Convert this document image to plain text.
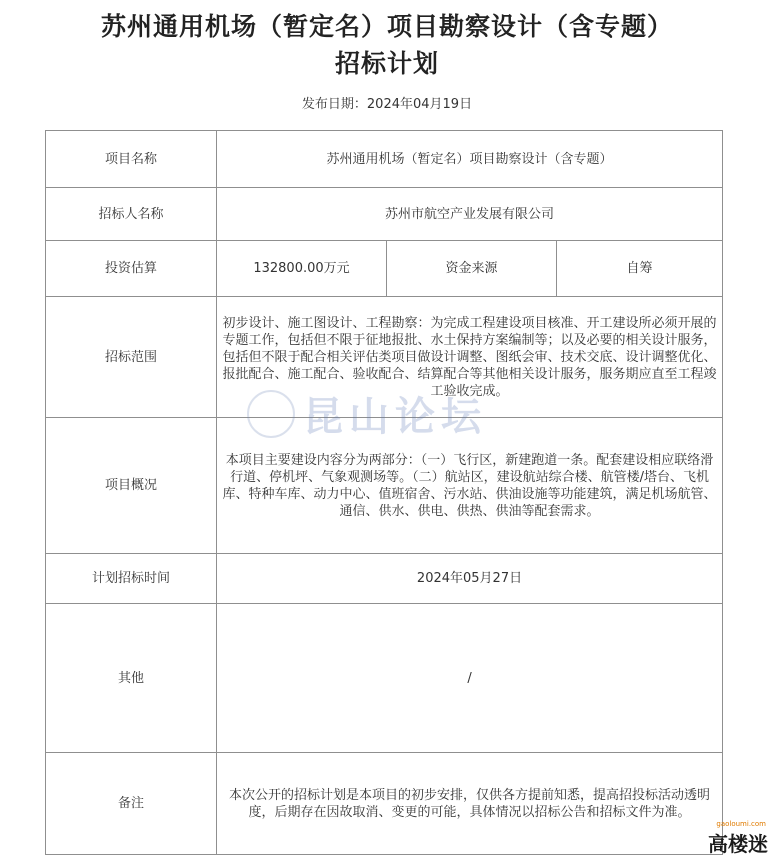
苏州通用机场（暂定名）项目勘察设计（含专题）
招标计划
发布日期：2024年04月19日
项目名称	苏州通用机场（暂定名）项目勘察设计（含专题）		
招标人名称	苏州市航空产业发展有限公司		
投资估算	132800.00万元	资金来源	自筹
招标范围	初步设计、施工图设计、工程勘察：为完成工程建设项目核准、开工建设所必须开展的专题工作，包括但不限于征地报批、水土保持方案编制等；以及必要的相关设计服务，包括但不限于配合相关评估类项目做设计调整、图纸会审、技术交底、设计调整优化、报批配合、施工配合、验收配合、结算配合等其他相关设计服务，服务期应直至工程竣工验收完成。		
项目概况	本项目主要建设内容分为两部分：（一）飞行区，新建跑道一条。配套建设相应联络滑行道、停机坪、气象观测场等。（二）航站区，建设航站综合楼、航管楼/塔台、飞机库、特种车库、动力中心、值班宿舍、污水站、供油设施等功能建筑，满足机场航管、通信、供水、供电、供热、供油等配套需求。		
计划招标时间	2024年05月27日		
其他	/		
备注	本次公开的招标计划是本项目的初步安排，仅供各方提前知悉，提高招投标活动透明度，后期存在因故取消、变更的可能，具体情况以招标公告和招标文件为准。		
昆山论坛
gaoloumi.com
高楼迷
